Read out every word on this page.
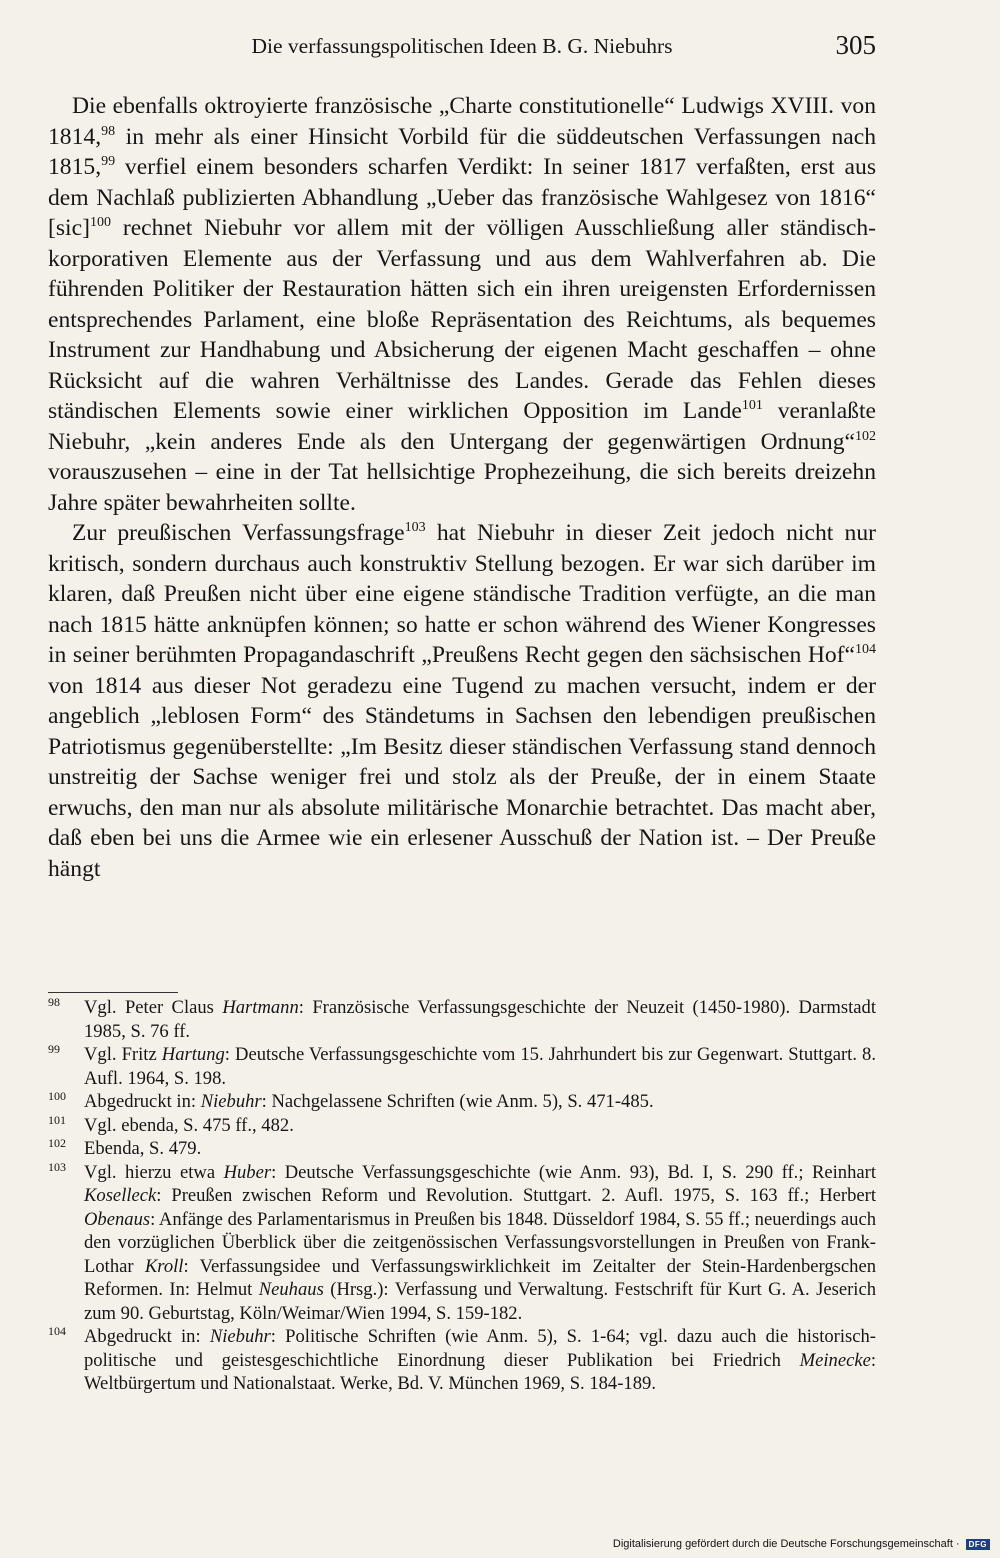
Die verfassungspolitischen Ideen B. G. Niebuhrs	305

Die ebenfalls oktroyierte französische „Charte constitutionelle“ Ludwigs XVIII. von 1814,98 in mehr als einer Hinsicht Vorbild für die süddeutschen Verfassungen nach 1815,99 verfiel einem besonders scharfen Verdikt: In seiner 1817 verfaßten, erst aus dem Nachlaß publizierten Abhandlung „Ueber das französische Wahlgesez von 1816“ [sic]$^{100}$ rechnet Niebuhr vor allem mit der völligen Ausschließung aller ständisch-korporativen Elemente aus der Verfassung und aus dem Wahlverfahren ab. Die führenden Politiker der Restauration hätten sich ein ihren ureigensten Erfordernissen entsprechendes Parlament, eine bloße Repräsentation des Reichtums, als bequemes Instrument zur Handhabung und Absicherung der eigenen Macht geschaffen – ohne Rücksicht auf die wahren Verhältnisse des Landes. Gerade das Fehlen dieses ständischen Elements sowie einer wirklichen Opposition im Lande$^{101}$ veranlaßte Niebuhr, „kein anderes Ende als den Untergang der gegenwärtigen Ordnung“$^{102}$ vorauszusehen – eine in der Tat hellsichtige Prophezeihung, die sich bereits dreizehn Jahre später bewahrheiten sollte.

Zur preußischen Verfassungsfrage$^{103}$ hat Niebuhr in dieser Zeit jedoch nicht nur kritisch, sondern durchaus auch konstruktiv Stellung bezogen. Er war sich darüber im klaren, daß Preußen nicht über eine eigene ständische Tradition verfügte, an die man nach 1815 hätte anknüpfen können; so hatte er schon während des Wiener Kongresses in seiner berühmten Propagandaschrift „Preußens Recht gegen den sächsischen Hof“$^{104}$ von 1814 aus dieser Not geradezu eine Tugend zu machen versucht, indem er der angeblich „leblosen Form“ des Ständetums in Sachsen den lebendigen preußischen Patriotismus gegenüberstellte: „Im Besitz dieser ständischen Verfassung stand dennoch unstreitig der Sachse weniger frei und stolz als der Preuße, der in einem Staate erwuchs, den man nur als absolute militärische Monarchie betrachtet. Das macht aber, daß eben bei uns die Armee wie ein erlesener Ausschuß der Nation ist. – Der Preuße hängt

98	Vgl. Peter Claus Hartmann: Französische Verfassungsgeschichte der Neuzeit (1450-1980). Darmstadt 1985, S. 76 ff.

99	Vgl. Fritz Hartung: Deutsche Verfassungsgeschichte vom 15. Jahrhundert bis zur Gegenwart. Stuttgart. 8. Aufl. 1964, S. 198.

100 Abgedruckt in: Niebuhr: Nachgelassene Schriften (wie Anm. 5), S. 471-485.

101 Vgl. ebenda, S. 475 ff., 482.

102 Ebenda, S. 479.

103 Vgl. hierzu etwa Huber: Deutsche Verfassungsgeschichte (wie Anm. 93), Bd. I, S. 290 ff.; Reinhart Koselleck: Preußen zwischen Reform und Revolution. Stuttgart. 2. Aufl. 1975, S. 163 ff.; Herbert Obenaus: Anfänge des Parlamentarismus in Preußen bis 1848. Düsseldorf 1984, S. 55 ff.; neuerdings auch den vorzüglichen Überblick über die zeitgenössischen Verfassungsvorstellungen in Preußen von Frank-Lothar Kroll: Verfassungsidee und Verfassungswirklichkeit im Zeitalter der Stein-Hardenbergschen Reformen. In: Helmut Neuhaus (Hrsg.): Verfassung und Verwaltung. Festschrift für Kurt G. A. Jeserich zum 90. Geburtstag, Köln/Weimar/Wien 1994, S. 159-182.

104 Abgedruckt in: Niebuhr: Politische Schriften (wie Anm. 5), S. 1-64; vgl. dazu auch die historisch-politische und geistesgeschichtliche Einordnung dieser Publikation bei Friedrich Meinecke: Weltbürgertum und Nationalstaat. Werke, Bd. V. München 1969, S. 184-189.

Digitalisierung gefördert durch die Deutsche Forschungsgemeinschaft ·	DFG
